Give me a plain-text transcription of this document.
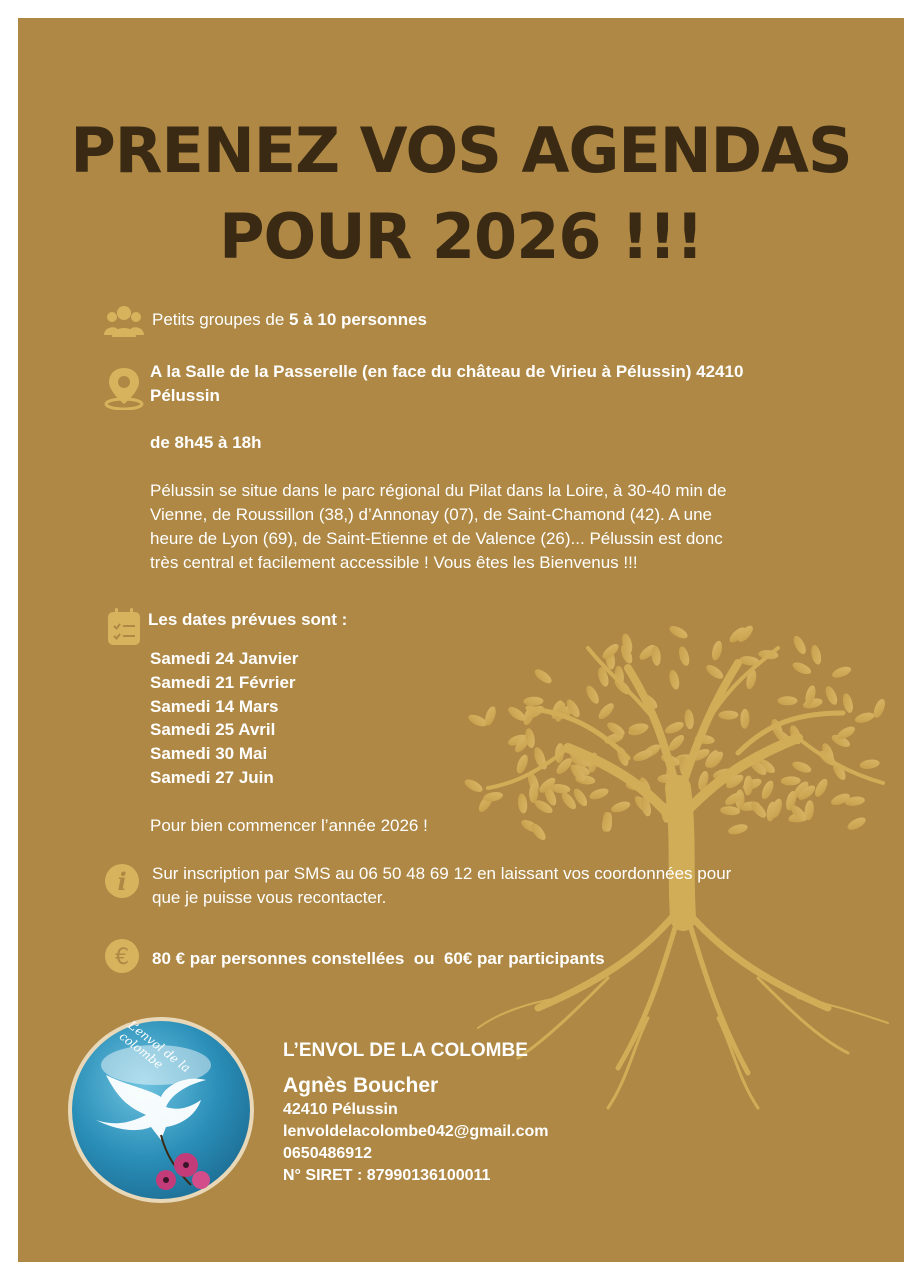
PRENEZ VOS AGENDAS
POUR 2026 !!!
Petits groupes de 5 à 10 personnes
A la Salle de la Passerelle (en face du château de Virieu à Pélussin) 42410
Pélussin
de 8h45 à 18h
Pélussin se situe dans le parc régional du Pilat dans la Loire, à 30-40 min de
Vienne, de Roussillon (38,) d’Annonay (07), de Saint-Chamond (42). A une
heure de Lyon (69), de Saint-Etienne et de Valence (26)... Pélussin est donc
très central et facilement accessible ! Vous êtes les Bienvenus !!!
Les dates prévues sont :
Samedi 24 Janvier
Samedi 21 Février
Samedi 14 Mars
Samedi 25 Avril
Samedi 30 Mai
Samedi 27 Juin
Pour bien commencer l’année 2026 !
i Sur inscription par SMS au 06 50 48 69 12 en laissant vos coordonnées pour
que je puisse vous recontacter.
€ 80 € par personnes constellées  ou  60€ par participants
L’envol de la colombe	L’ENVOL DE LA COLOMBE
Agnès Boucher
42410 Pélussin
lenvoldelacolombe042@gmail.com
0650486912
N° SIRET : 87990136100011
